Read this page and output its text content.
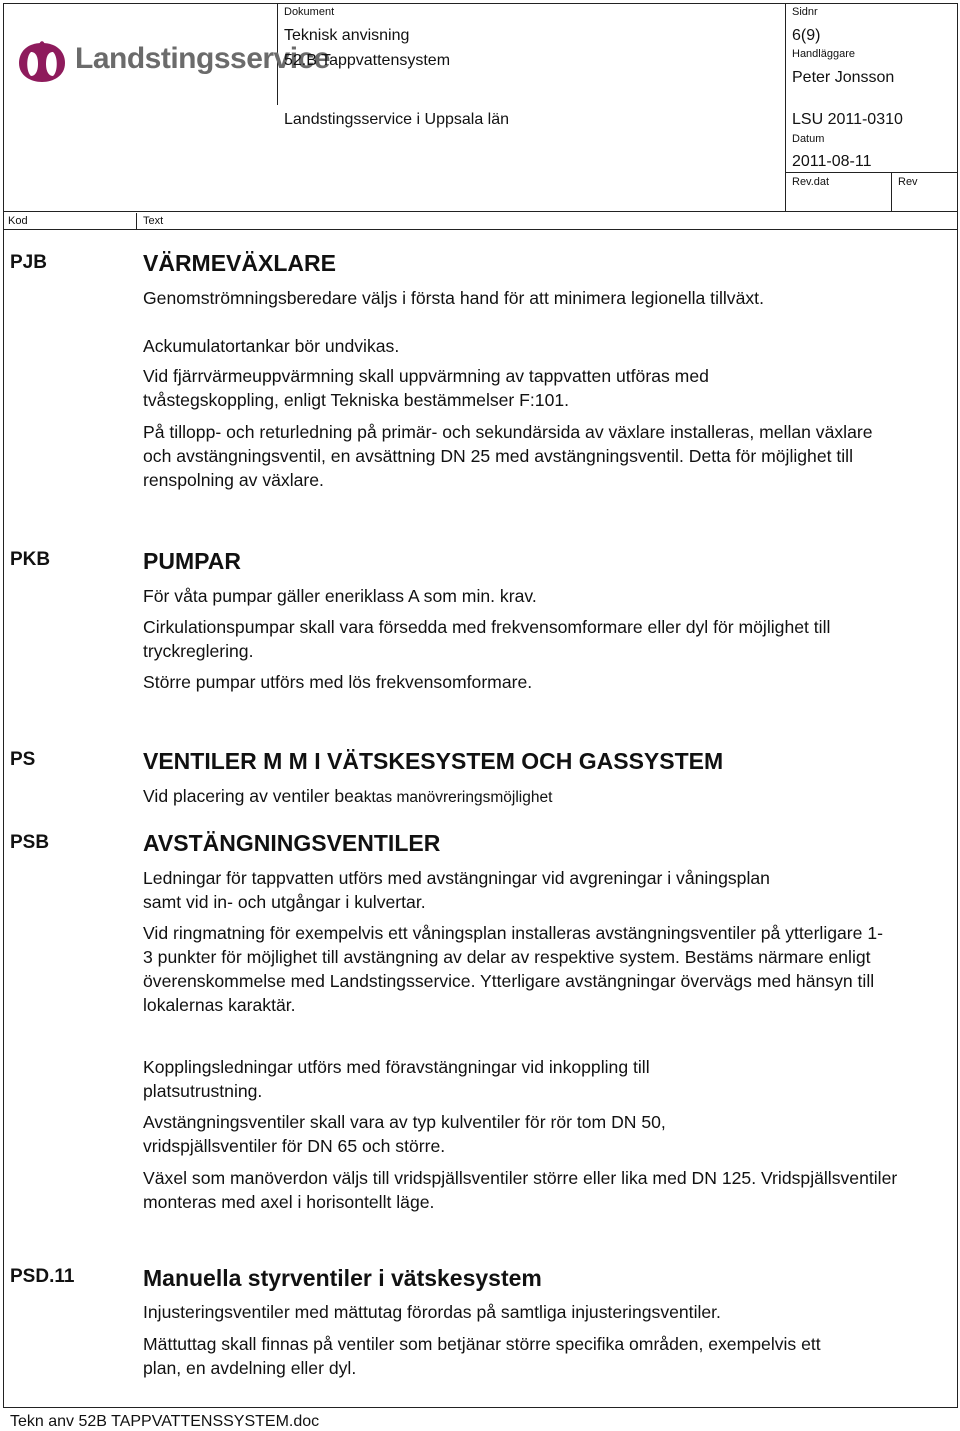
Landstingsservice
Dokument
Teknisk anvisning
52.B Tappvattensystem
Landstingsservice i Uppsala län
Sidnr
6(9)
Handläggare
Peter Jonsson
LSU 2011-0310
Datum
2011-08-11
Rev.dat	Rev
Kod	Text
PJB	VÄRMEVÄXLARE

Genomströmningsberedare väljs i första hand för att minimera legionella tillväxt.

Ackumulatortankar bör undvikas.

Vid fjärrvärmeuppvärmning skall uppvärmning av tappvatten utföras med tvåstegskoppling, enligt Tekniska bestämmelser F:101.

På tillopp- och returledning på primär- och sekundärsida av växlare installeras, mellan växlare och avstängningsventil, en avsättning DN 25 med avstängningsventil. Detta för möjlighet till renspolning av växlare.

PKB	PUMPAR

För våta pumpar gäller eneriklass A som min. krav.

Cirkulationspumpar skall vara försedda med frekvensomformare eller dyl för möjlighet till tryckreglering.

Större pumpar utförs med lös frekvensomformare.

PS	VENTILER M M I VÄTSKESYSTEM OCH GASSYSTEM

Vid placering av ventiler beaktas manövreringsmöjlighet

PSB	AVSTÄNGNINGSVENTILER

Ledningar för tappvatten utförs med avstängningar vid avgreningar i våningsplan samt vid in- och utgångar i kulvertar.

Vid ringmatning för exempelvis ett våningsplan installeras avstängningsventiler på ytterligare 1-3 punkter för möjlighet till avstängning av delar av respektive system. Bestäms närmare enligt överenskommelse med Landstingsservice. Ytterligare avstängningar övervägs med hänsyn till lokalernas karaktär.

Kopplingsledningar utförs med föravstängningar vid inkoppling till platsutrustning.

Avstängningsventiler skall vara av typ kulventiler för rör tom DN 50, vridspjällsventiler för DN 65 och större.

Växel som manöverdon väljs till vridspjällsventiler större eller lika med DN 125. Vridspjällsventiler monteras med axel i horisontellt läge.

PSD.11	Manuella styrventiler i vätskesystem

Injusteringsventiler med mättutag förordas på samtliga injusteringsventiler.

Mättuttag skall finnas på ventiler som betjänar större specifika områden, exempelvis ett plan, en avdelning eller dyl.

Tekn anv 52B TAPPVATTENSSYSTEM.doc
